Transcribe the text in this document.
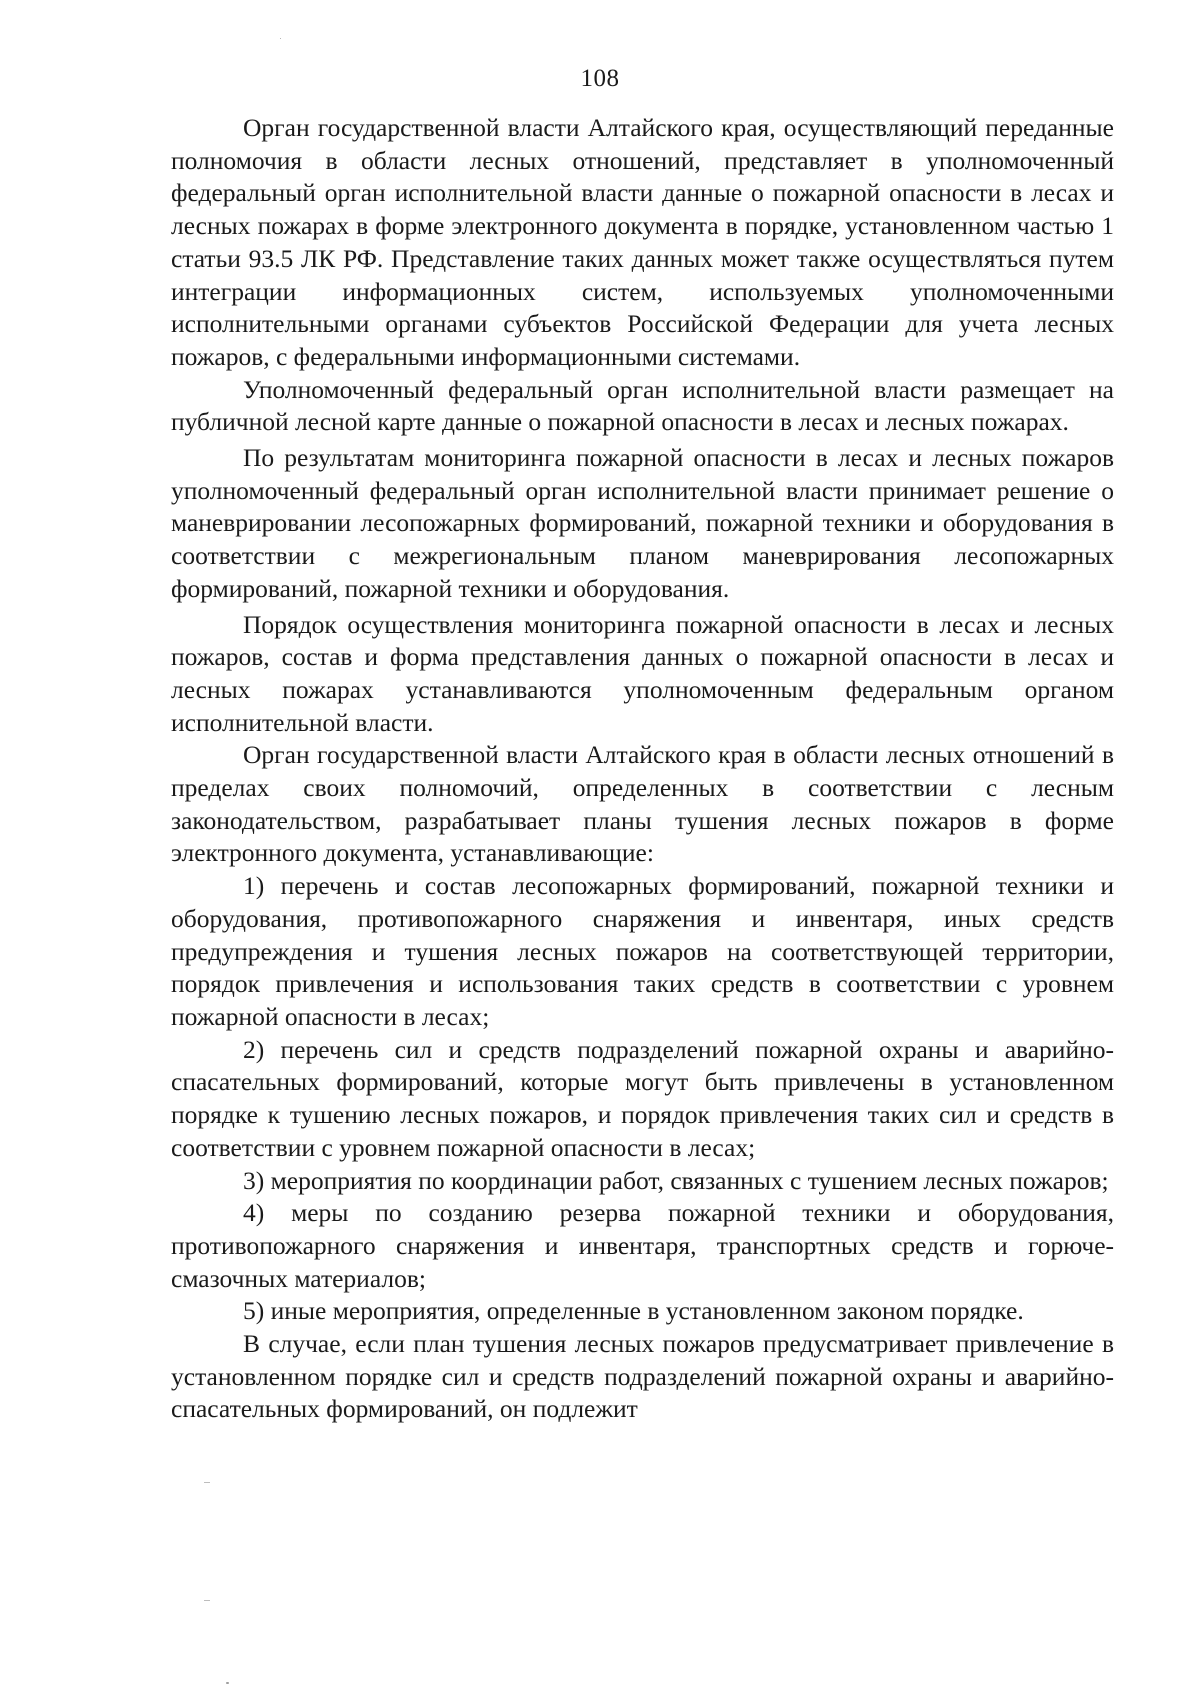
108

Орган государственной власти Алтайского края, осуществляющий переданные полномочия в области лесных отношений, представляет в уполномоченный федеральный орган исполнительной власти данные о пожарной опасности в лесах и лесных пожарах в форме электронного документа в порядке, установленном частью 1 статьи 93.5 ЛК РФ. Представление таких данных может также осуществляться путем интеграции информационных систем, используемых уполномоченными исполнительными органами субъектов Российской Федерации для учета лесных пожаров, с федеральными информационными системами.

Уполномоченный федеральный орган исполнительной власти размещает на публичной лесной карте данные о пожарной опасности в лесах и лесных пожарах.

По результатам мониторинга пожарной опасности в лесах и лесных пожаров уполномоченный федеральный орган исполнительной власти принимает решение о маневрировании лесопожарных формирований, пожарной техники и оборудования в соответствии с межрегиональным планом маневрирования лесопожарных формирований, пожарной техники и оборудования.

Порядок осуществления мониторинга пожарной опасности в лесах и лесных пожаров, состав и форма представления данных о пожарной опасности в лесах и лесных пожарах устанавливаются уполномоченным федеральным органом исполнительной власти.

Орган государственной власти Алтайского края в области лесных отношений в пределах своих полномочий, определенных в соответствии с лесным законодательством, разрабатывает планы тушения лесных пожаров в форме электронного документа, устанавливающие:

1) перечень и состав лесопожарных формирований, пожарной техники и оборудования, противопожарного снаряжения и инвентаря, иных средств предупреждения и тушения лесных пожаров на соответствующей территории, порядок привлечения и использования таких средств в соответствии с уровнем пожарной опасности в лесах;

2) перечень сил и средств подразделений пожарной охраны и аварийно-спасательных формирований, которые могут быть привлечены в установленном порядке к тушению лесных пожаров, и порядок привлечения таких сил и средств в соответствии с уровнем пожарной опасности в лесах;

3) мероприятия по координации работ, связанных с тушением лесных пожаров;

4) меры по созданию резерва пожарной техники и оборудования, противопожарного снаряжения и инвентаря, транспортных средств и горюче-смазочных материалов;

5) иные мероприятия, определенные в установленном законом порядке.

В случае, если план тушения лесных пожаров предусматривает привлечение в установленном порядке сил и средств подразделений пожарной охраны и аварийно-спасательных формирований, он подлежит
